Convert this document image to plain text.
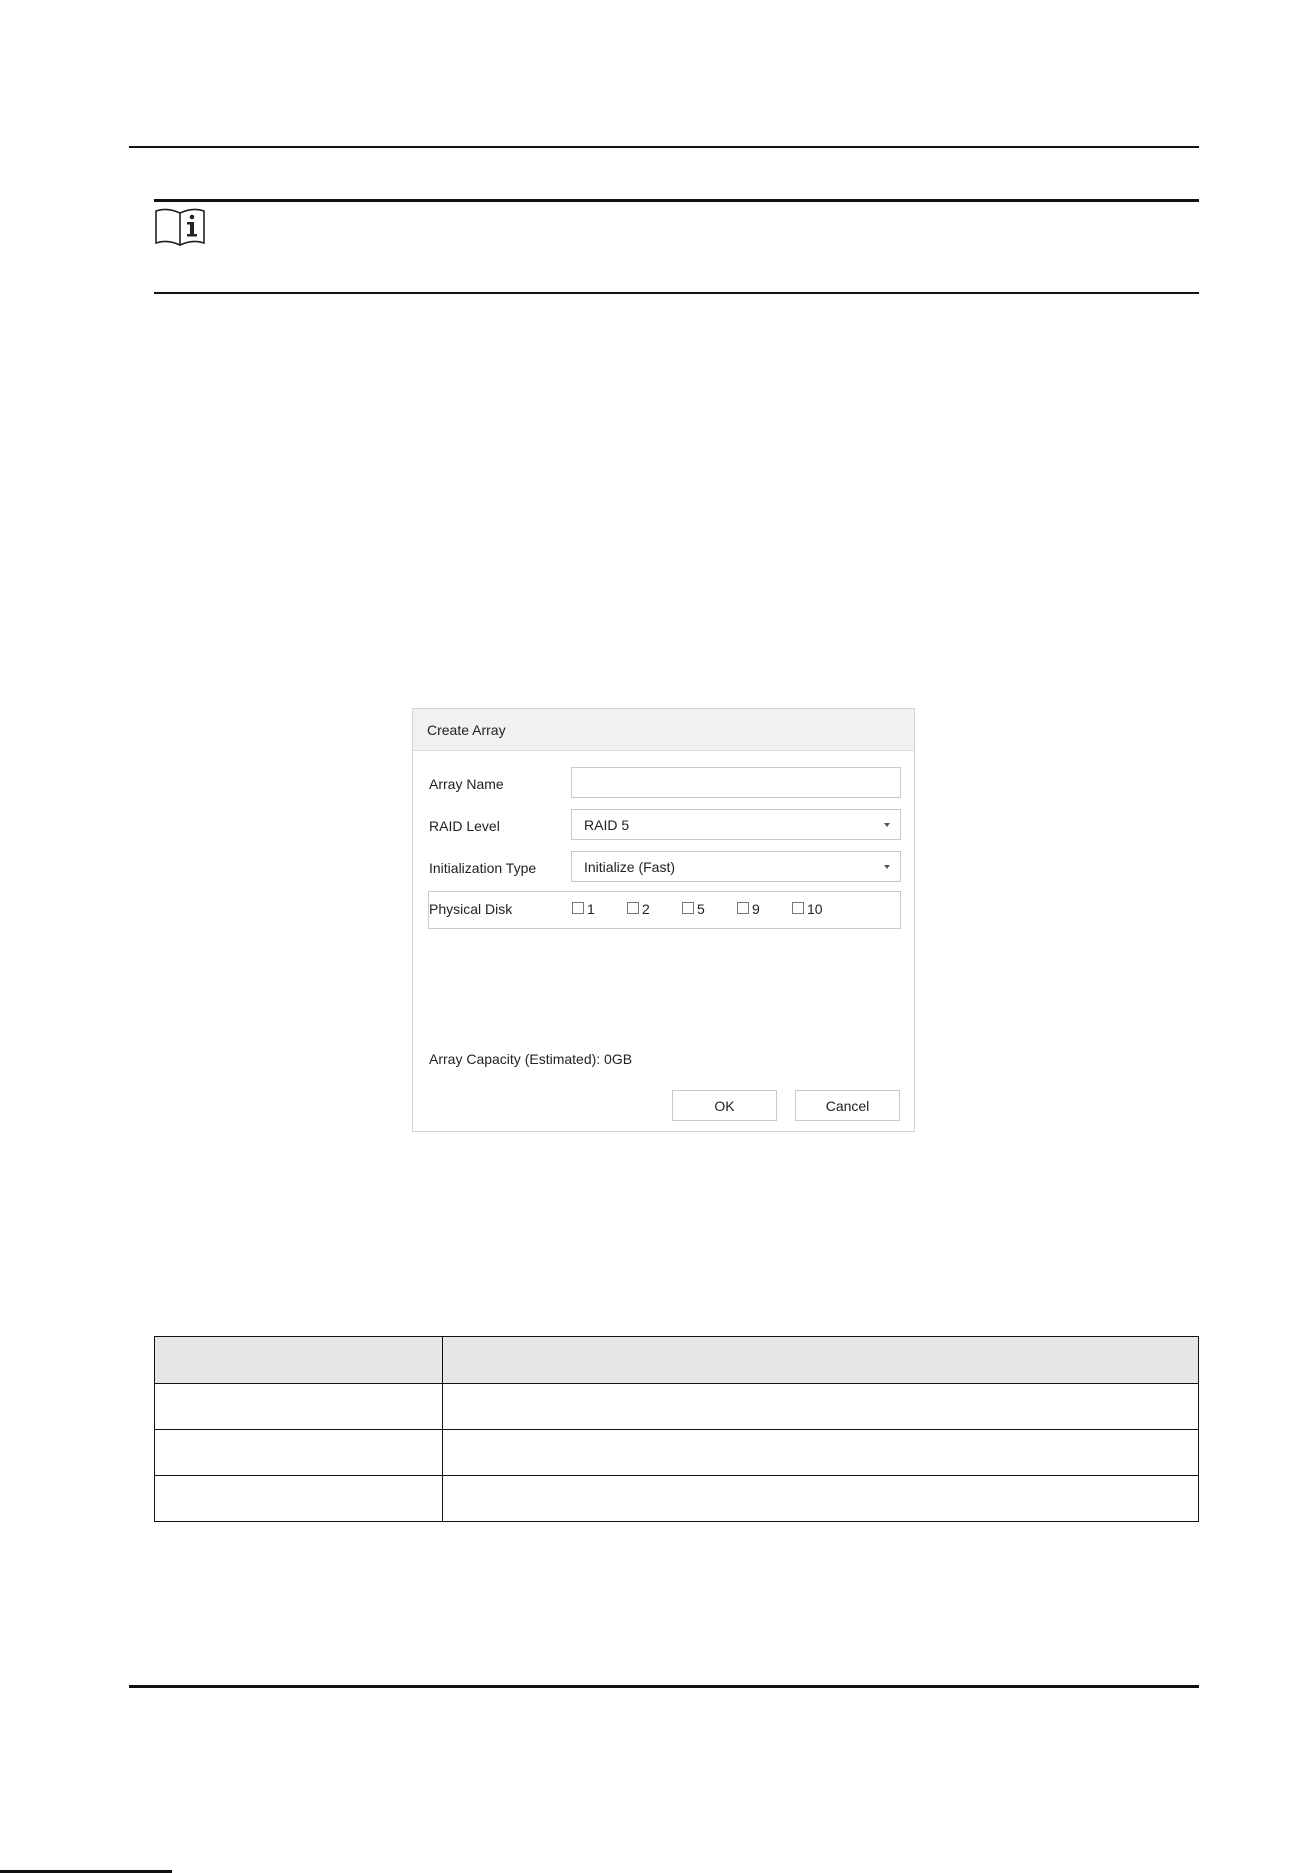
Create Array
Array Name
RAID Level	RAID 5
Initialization Type	Initialize (Fast)
Physical Disk	1	2	5	9	10
Array Capacity (Estimated): 0GB
OK	Cancel
